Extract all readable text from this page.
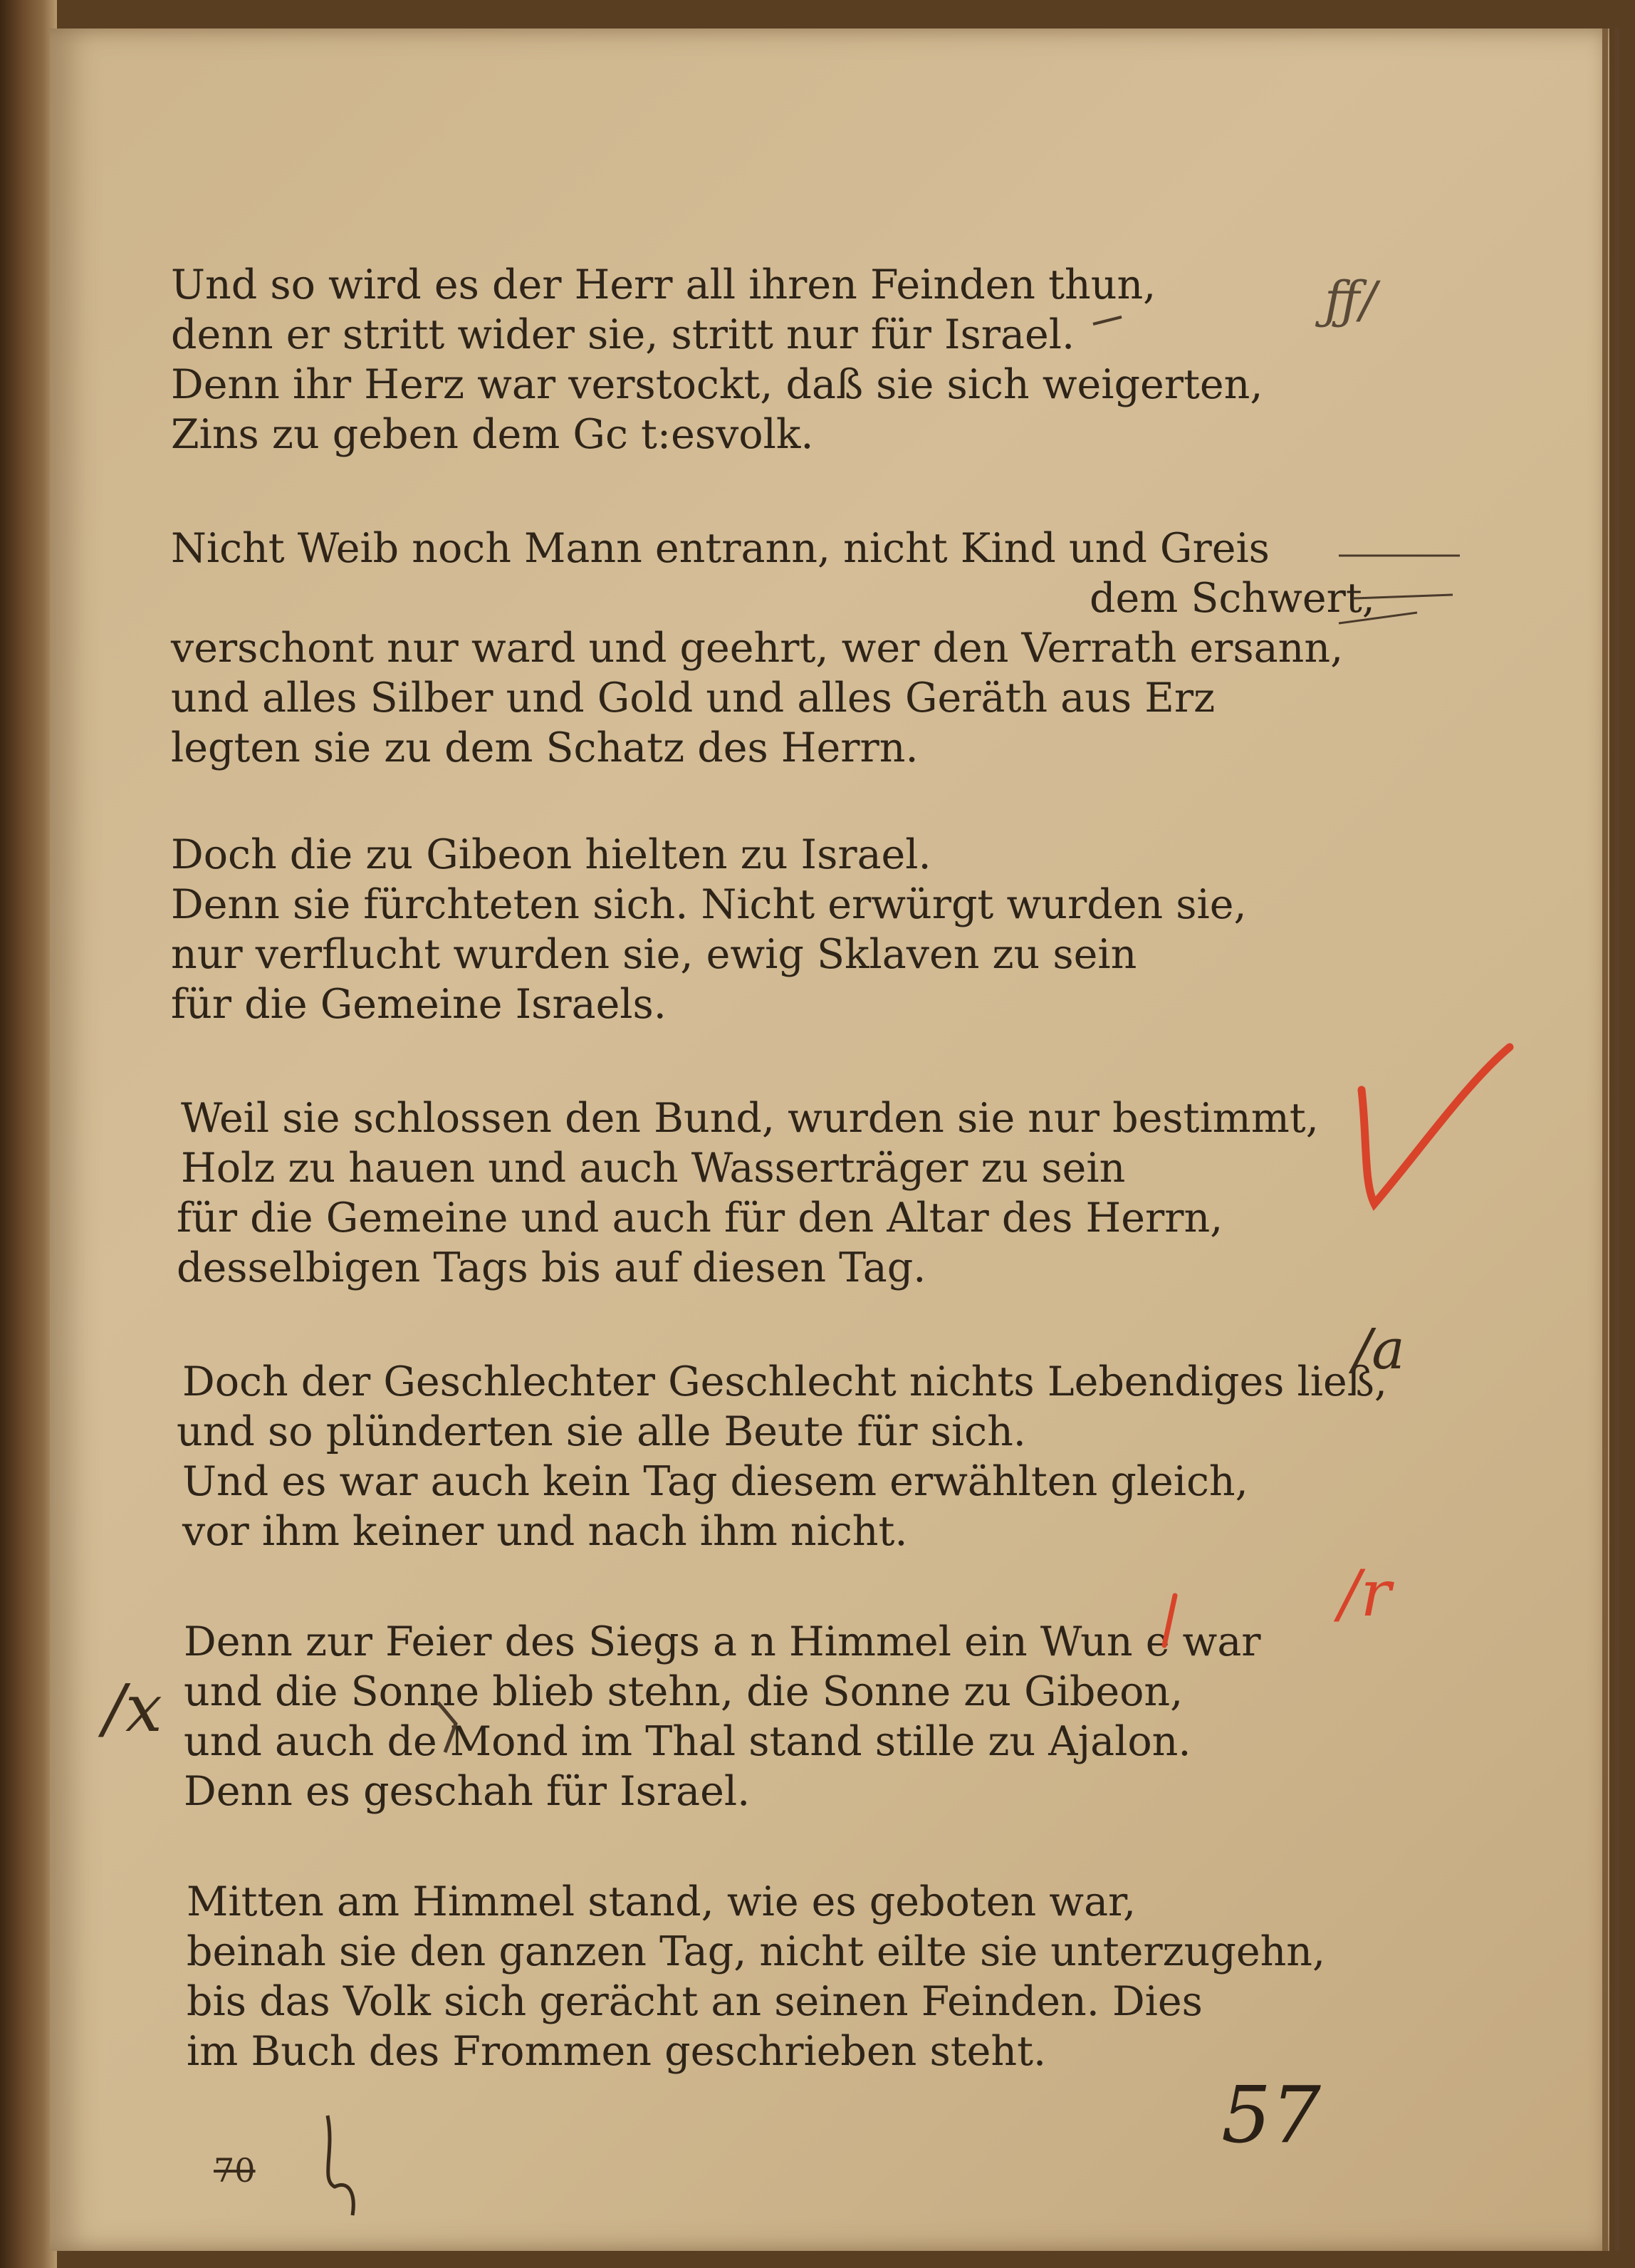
Und so wird es der Herr all ihren Feinden thun,
denn er stritt wider sie, stritt nur für Israel.
Denn ihr Herz war verstockt, daß sie sich weigerten,
Zins zu geben dem Gc t:esvolk.
Nicht Weib noch Mann entrann, nicht Kind und Greis
dem Schwert,
verschont nur ward und geehrt, wer den Verrath ersann,
und alles Silber und Gold und alles Geräth aus Erz
legten sie zu dem Schatz des Herrn.
Doch die zu Gibeon hielten zu Israel.
Denn sie fürchteten sich. Nicht erwürgt wurden sie,
nur verflucht wurden sie, ewig Sklaven zu sein
für die Gemeine Israels.
Weil sie schlossen den Bund, wurden sie nur bestimmt,
Holz zu hauen und auch Wasserträger zu sein
für die Gemeine und auch für den Altar des Herrn,
desselbigen Tags bis auf diesen Tag.
Doch der Geschlechter Geschlecht nichts Lebendiges ließ,
und so plünderten sie alle Beute für sich.
Und es war auch kein Tag diesem erwählten gleich,
vor ihm keiner und nach ihm nicht.
Denn zur Feier des Siegs a n Himmel ein Wun e war
und die Sonne blieb stehn, die Sonne zu Gibeon,
und auch de Mond im Thal stand stille zu Ajalon.
Denn es geschah für Israel.
Mitten am Himmel stand, wie es geboten war,
beinah sie den ganzen Tag, nicht eilte sie unterzugehn,
bis das Volk sich gerächt an seinen Feinden. Dies
im Buch des Frommen geschrieben steht.
ƒƒ/
/a
/r
/x
70
57
